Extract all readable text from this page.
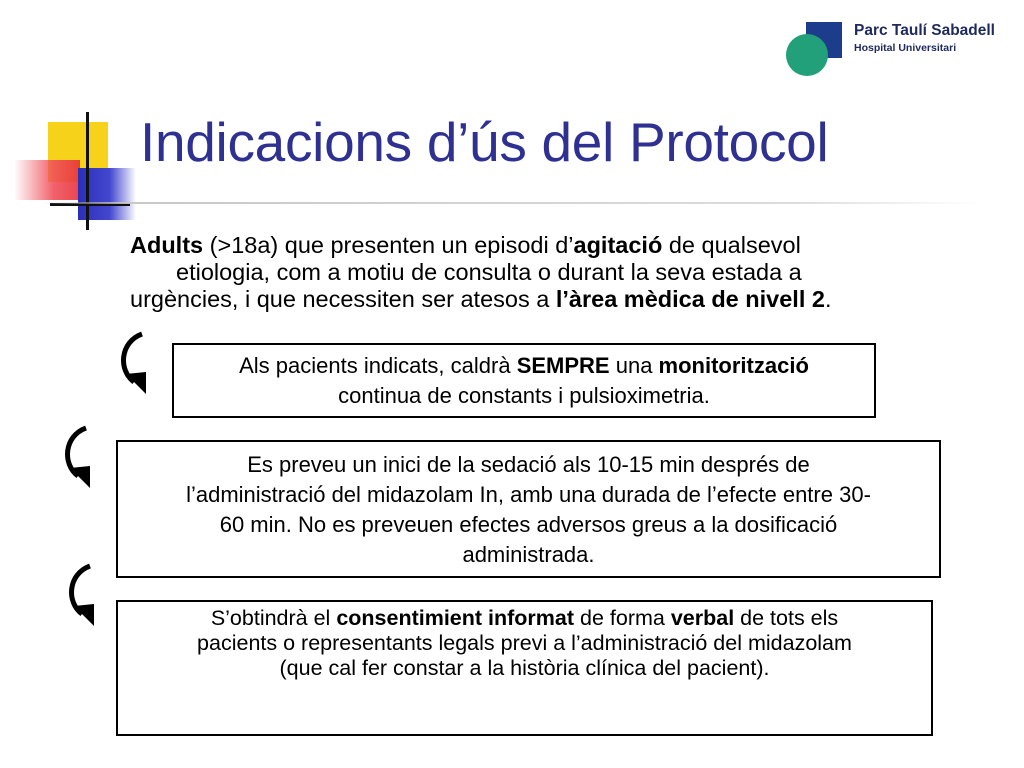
Parc Taulí Sabadell
Hospital Universitari
Indicacions d’ús del Protocol
Adults (>18a) que presenten un episodi d’agitació de qualsevol
etiologia, com a motiu de consulta o durant la seva estada a
urgències, i que necessiten ser atesos a l’àrea mèdica de nivell 2.
Als pacients indicats, caldrà SEMPRE una monitorització
continua de constants i pulsioximetria.
Es preveu un inici de la sedació als 10-15 min després de
l’administració del midazolam In, amb una durada de l’efecte entre 30-
60 min. No es preveuen efectes adversos greus a la dosificació
administrada.
S’obtindrà el consentimient informat de forma verbal de tots els
pacients o representants legals previ a l’administració del midazolam
(que cal fer constar a la història clínica del pacient).
